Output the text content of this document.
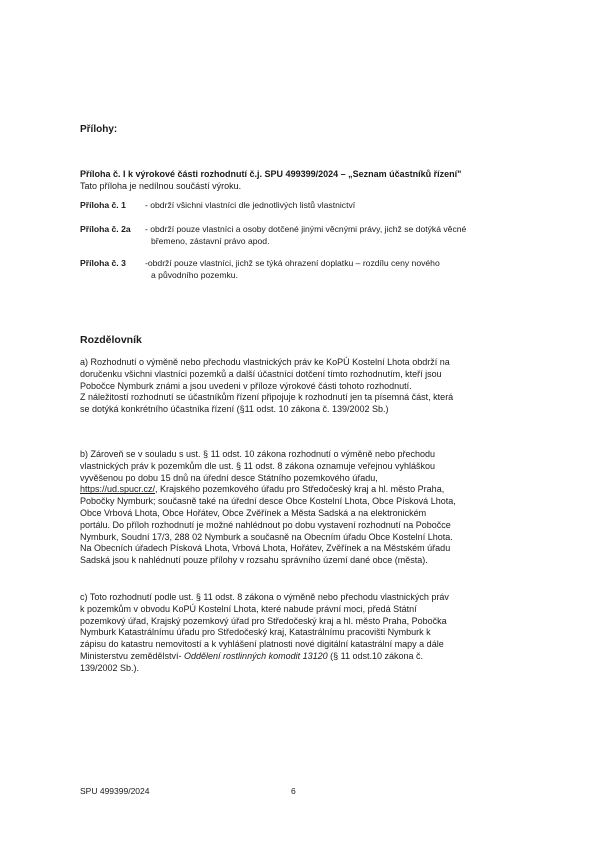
Přílohy:
Příloha č. I k výrokové části rozhodnutí č.j. SPU 499399/2024 – „Seznam účastníků řízení"
Tato příloha je nedílnou součástí výroku.
Příloha č. 1	- obdrží všichni vlastníci dle jednotlivých listů vlastnictví
Příloha č. 2a	- obdrží pouze vlastníci a osoby dotčené jinými věcnými právy, jichž se dotýká věcné
břemeno, zástavní právo apod.
Příloha č. 3	-obdrží pouze vlastníci, jichž se týká ohrazení doplatku – rozdílu ceny nového
a původního pozemku.
Rozdělovník

a) Rozhodnutí o výměně nebo přechodu vlastnických práv ke KoPÚ Kostelní Lhota obdrží na

doručenku všichni vlastníci pozemků a další účastníci dotčení tímto rozhodnutím, kteří jsou

Pobočce Nymburk známi a jsou uvedeni v příloze výrokové části tohoto rozhodnutí.

Z náležitostí rozhodnutí se účastníkům řízení připojuje k rozhodnutí jen ta písemná část, která

se dotýká konkrétního účastníka řízení (§11 odst. 10 zákona č. 139/2002 Sb.)

b) Zároveň se v souladu s ust. § 11 odst. 10 zákona rozhodnutí o výměně nebo přechodu

vlastnických práv k pozemkům dle ust. § 11 odst. 8 zákona oznamuje veřejnou vyhláškou

vyvěšenou po dobu 15 dnů na úřední desce Státního pozemkového úřadu,

https://ud.spucr.cz/, Krajského pozemkového úřadu pro Středočeský kraj a hl. město Praha,

Pobočky Nymburk; současně také na úřední desce Obce Kostelní Lhota, Obce Písková Lhota,

Obce Vrbová Lhota, Obce Hořátev, Obce Zvěřínek a Města Sadská a na elektronickém

portálu. Do příloh rozhodnutí je možné nahlédnout po dobu vystavení rozhodnutí na Pobočce

Nymburk, Soudní 17/3, 288 02 Nymburk a současně na Obecním úřadu Obce Kostelní Lhota.

Na Obecních úřadech Písková Lhota, Vrbová Lhota, Hořátev, Zvěřínek a na Městském úřadu

Sadská jsou k nahlédnutí pouze přílohy v rozsahu správního území dané obce (města).

c) Toto rozhodnutí podle ust. § 11 odst. 8 zákona o výměně nebo přechodu vlastnických práv

k pozemkům v obvodu KoPÚ Kostelní Lhota, které nabude právní moci, předá Státní

pozemkový úřad, Krajský pozemkový úřad pro Středočeský kraj a hl. město Praha, Pobočka

Nymburk Katastrálnímu úřadu pro Středočeský kraj, Katastrálnímu pracovišti Nymburk k

zápisu do katastru nemovitostí a k vyhlášení platnosti nové digitální katastrální mapy a dále

Ministerstvu zemědělství- Oddělení rostlinných komodit 13120 (§ 11 odst.10 zákona č.

139/2002 Sb.).

SPU 499399/2024	6
